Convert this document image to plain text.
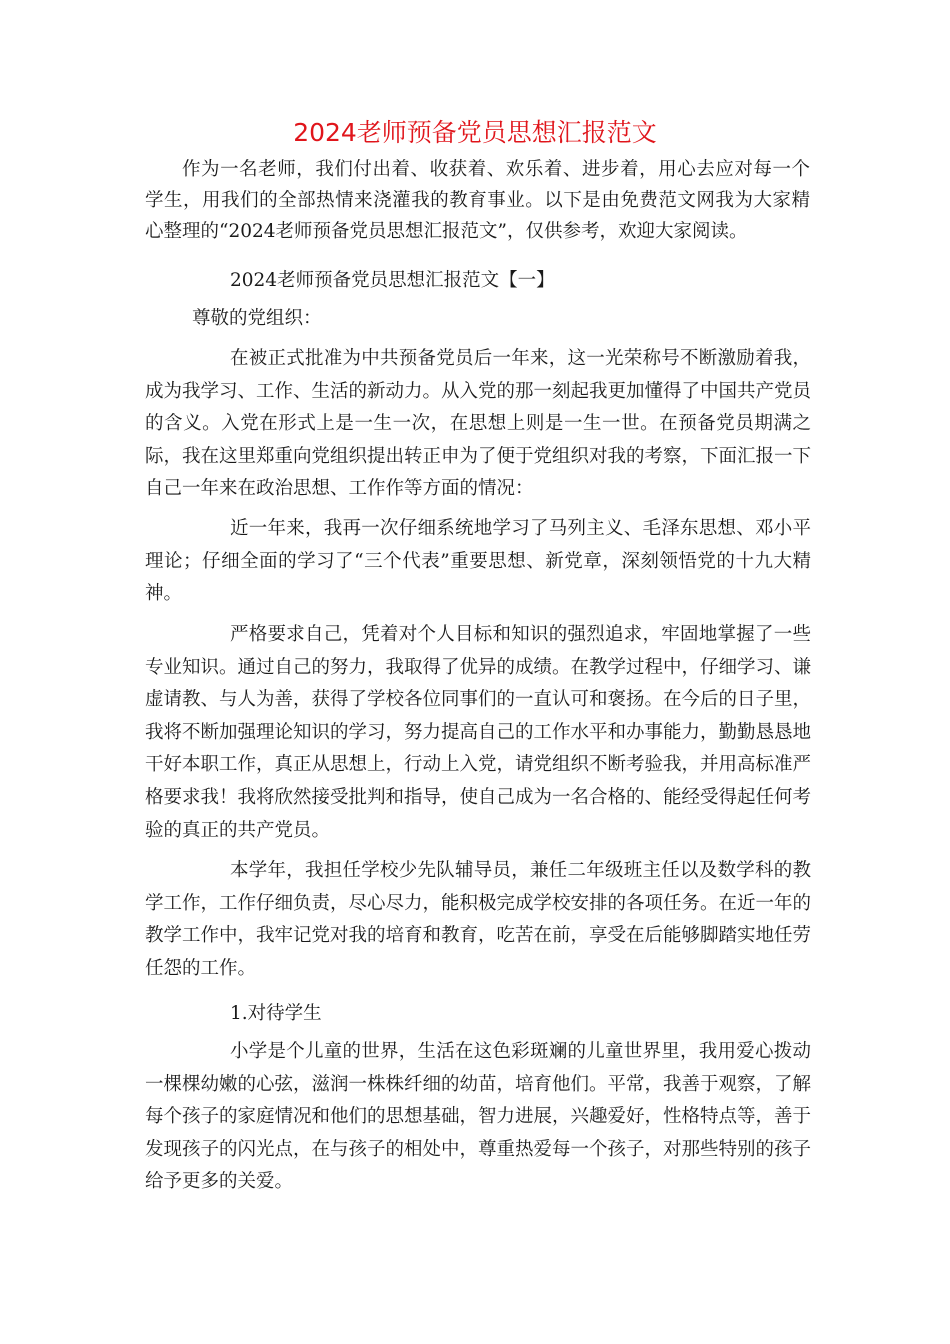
2024老师预备党员思想汇报范文

作为一名老师，我们付出着、收获着、欢乐着、进步着，用心去应对每一个学生，用我们的全部热情来浇灌我的教育事业。以下是由免费范文网我为大家精心整理的“2024老师预备党员思想汇报范文”，仅供参考，欢迎大家阅读。

2024老师预备党员思想汇报范文【一】

尊敬的党组织：

在被正式批准为中共预备党员后一年来，这一光荣称号不断激励着我，成为我学习、工作、生活的新动力。从入党的那一刻起我更加懂得了中国共产党员的含义。入党在形式上是一生一次，在思想上则是一生一世。在预备党员期满之际，我在这里郑重向党组织提出转正申为了便于党组织对我的考察，下面汇报一下自己一年来在政治思想、工作作等方面的情况：

近一年来，我再一次仔细系统地学习了马列主义、毛泽东思想、邓小平理论；仔细全面的学习了“三个代表”重要思想、新党章，深刻领悟党的十九大精神。

严格要求自己，凭着对个人目标和知识的强烈追求，牢固地掌握了一些专业知识。通过自己的努力，我取得了优异的成绩。在教学过程中，仔细学习、谦虚请教、与人为善，获得了学校各位同事们的一直认可和褒扬。在今后的日子里，我将不断加强理论知识的学习，努力提高自己的工作水平和办事能力，勤勤恳恳地干好本职工作，真正从思想上，行动上入党，请党组织不断考验我，并用高标准严格要求我！我将欣然接受批判和指导，使自己成为一名合格的、能经受得起任何考验的真正的共产党员。

本学年，我担任学校少先队辅导员，兼任二年级班主任以及数学科的教学工作，工作仔细负责，尽心尽力，能积极完成学校安排的各项任务。在近一年的教学工作中，我牢记党对我的培育和教育，吃苦在前，享受在后能够脚踏实地任劳任怨的工作。

1.对待学生

小学是个儿童的世界，生活在这色彩斑斓的儿童世界里，我用爱心拨动一棵棵幼嫩的心弦，滋润一株株纤细的幼苗，培育他们。平常，我善于观察，了解每个孩子的家庭情况和他们的思想基础，智力进展，兴趣爱好，性格特点等，善于发现孩子的闪光点，在与孩子的相处中，尊重热爱每一个孩子，对那些特别的孩子给予更多的关爱。
